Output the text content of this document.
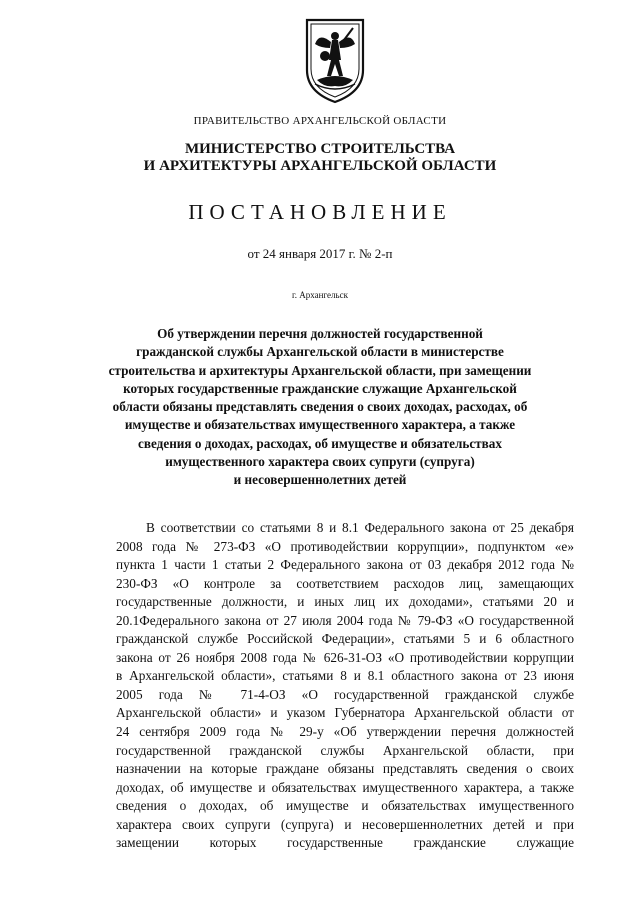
ПРАВИТЕЛЬСТВО АРХАНГЕЛЬСКОЙ ОБЛАСТИ
МИНИСТЕРСТВО СТРОИТЕЛЬСТВА
И АРХИТЕКТУРЫ АРХАНГЕЛЬСКОЙ ОБЛАСТИ
ПОСТАНОВЛЕНИЕ
от 24 января 2017 г. № 2-п
г. Архангельск
Об утверждении перечня должностей государственной
гражданской службы Архангельской области в министерстве
строительства и архитектуры Архангельской области, при замещении
которых государственные гражданские служащие Архангельской
области обязаны представлять сведения о своих доходах, расходах, об
имуществе и обязательствах имущественного характера, а также
сведения о доходах, расходах, об имуществе и обязательствах
имущественного характера своих супруги (супруга)
и несовершеннолетних детей
В соответствии со статьями 8 и 8.1 Федерального закона от 25 декабря
2008 года № 273-ФЗ «О противодействии коррупции», подпунктом «е»
пункта 1 части 1 статьи 2 Федерального закона от 03 декабря 2012 года №
230-ФЗ «О контроле за соответствием расходов лиц, замещающих
государственные должности, и иных лиц их доходами», статьями 20 и
20.1Федерального закона от 27 июля 2004 года № 79-ФЗ «О государственной
гражданской службе Российской Федерации», статьями 5 и 6 областного
закона от 26 ноября 2008 года № 626-31-ОЗ «О противодействии коррупции
в Архангельской области», статьями 8 и 8.1 областного закона от 23 июня
2005 года № 71-4-ОЗ «О государственной гражданской службе
Архангельской области» и указом Губернатора Архангельской области от
24 сентября 2009 года № 29-у «Об утверждении перечня должностей
государственной гражданской службы Архангельской области, при
назначении на которые граждане обязаны представлять сведения о своих
доходах, об имуществе и обязательствах имущественного характера, а также
сведения о доходах, об имуществе и обязательствах имущественного
характера своих супруги (супруга) и несовершеннолетних детей и при
замещении которых государственные гражданские служащие
